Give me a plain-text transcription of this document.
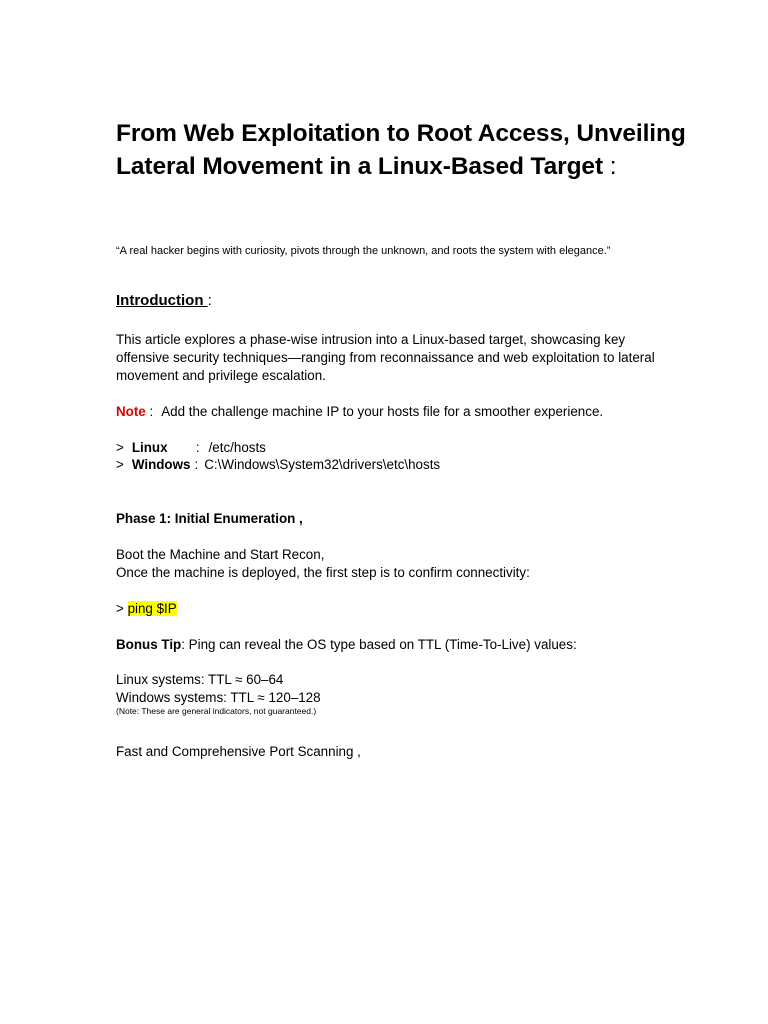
From Web Exploitation to Root Access, Unveiling Lateral Movement in a Linux-Based Target :
“A real hacker begins with curiosity, pivots through the unknown, and roots the system with elegance.”
Introduction :
This article explores a phase-wise intrusion into a Linux-based target, showcasing key offensive security techniques—ranging from reconnaissance and web exploitation to lateral movement and privilege escalation.
Note : Add the challenge machine IP to your hosts file for a smoother experience.
> Linux : /etc/hosts
> Windows : C:\Windows\System32\drivers\etc\hosts
Phase 1: Initial Enumeration ,
Boot the Machine and Start Recon,
Once the machine is deployed, the first step is to confirm connectivity:
> ping $IP
Bonus Tip: Ping can reveal the OS type based on TTL (Time-To-Live) values:
Linux systems: TTL ≈ 60–64
Windows systems: TTL ≈ 120–128
(Note: These are general indicators, not guaranteed.)
Fast and Comprehensive Port Scanning ,
